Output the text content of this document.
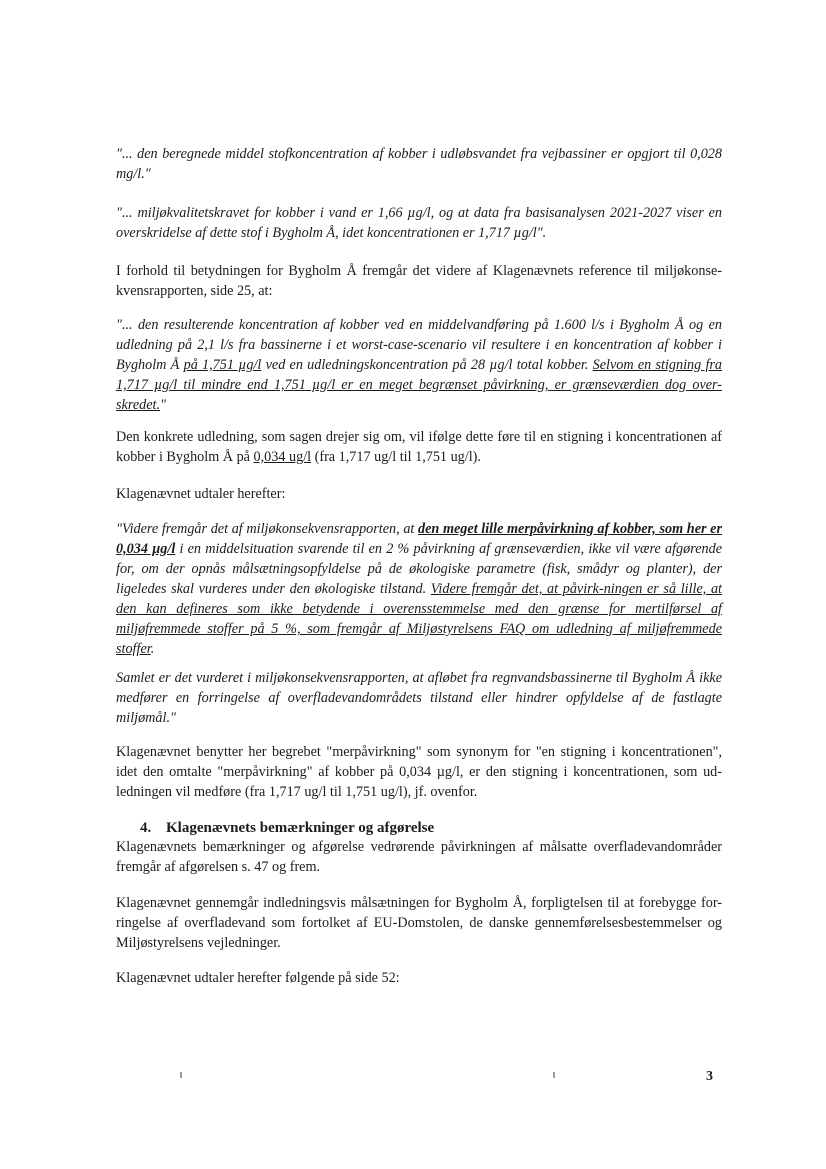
"... den beregnede middel stofkoncentration af kobber i udløbsvandet fra vejbassiner er opgjort til 0,028 mg/l."

"... miljøkvalitetskravet for kobber i vand er 1,66 µg/l, og at data fra basisanalysen 2021-2027 viser en overskridelse af dette stof i Bygholm Å, idet koncentrationen er 1,717 µg/l".

I forhold til betydningen for Bygholm Å fremgår det videre af Klagenævnets reference til miljøkonse-kvensrapporten, side 25, at:

"... den resulterende koncentration af kobber ved en middelvandføring på 1.600 l/s i Bygholm Å og en udledning på 2,1 l/s fra bassinerne i et worst-case-scenario vil resultere i en koncentration af kobber i Bygholm Å på 1,751 µg/l ved en udledningskoncentration på 28 µg/l total kobber. Selvom en stigning fra 1,717 µg/l til mindre end 1,751 µg/l er en meget begrænset påvirkning, er grænseværdien dog over-skredet."

Den konkrete udledning, som sagen drejer sig om, vil ifølge dette føre til en stigning i koncentrationen af kobber i Bygholm Å på 0,034 ug/l (fra 1,717 ug/l til 1,751 ug/l).

Klagenævnet udtaler herefter:

"Videre fremgår det af miljøkonsekvensrapporten, at den meget lille merpåvirkning af kobber, som her er 0,034 µg/l i en middelsituation svarende til en 2 % påvirkning af grænseværdien, ikke vil være afgørende for, om der opnås målsætningsopfyldelse på de økologiske parametre (fisk, smådyr og planter), der ligeledes skal vurderes under den økologiske tilstand. Videre fremgår det, at påvirk-ningen er så lille, at den kan defineres som ikke betydende i overensstemmelse med den grænse for mertilførsel af miljøfremmede stoffer på 5 %, som fremgår af Miljøstyrelsens FAQ om udledning af miljøfremmede stoffer.

Samlet er det vurderet i miljøkonsekvensrapporten, at afløbet fra regnvandsbassinerne til Bygholm Å ikke medfører en forringelse af overfladevandområdets tilstand eller hindrer opfyldelse af de fastlagte miljømål."

Klagenævnet benytter her begrebet "merpåvirkning" som synonym for "en stigning i koncentrationen", idet den omtalte "merpåvirkning" af kobber på 0,034 µg/l, er den stigning i koncentrationen, som ud-ledningen vil medføre (fra 1,717 ug/l til 1,751 ug/l), jf. ovenfor.

4. Klagenævnets bemærkninger og afgørelse

Klagenævnets bemærkninger og afgørelse vedrørende påvirkningen af målsatte overfladevandområder fremgår af afgørelsen s. 47 og frem.

Klagenævnet gennemgår indledningsvis målsætningen for Bygholm Å, forpligtelsen til at forebygge for-ringelse af overfladevand som fortolket af EU-Domstolen, de danske gennemførelsesbestemmelser og Miljøstyrelsens vejledninger.

Klagenævnet udtaler herefter følgende på side 52:

3
